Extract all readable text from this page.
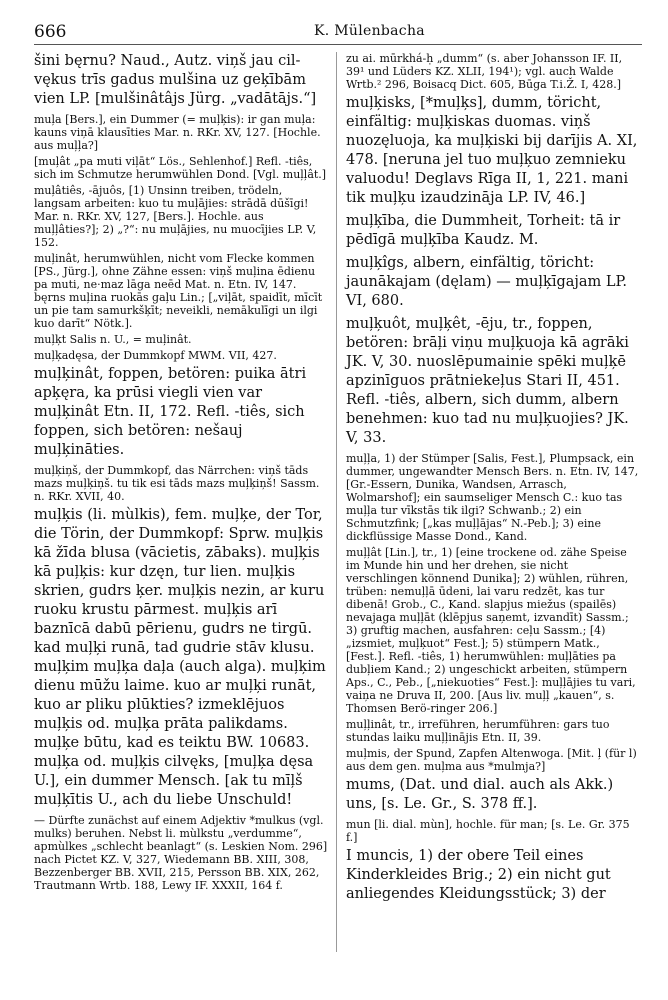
666	K. Mülenbacha

šini bęrnu? Naud., Autz. viņš jau cil-vękus trīs gadus mulšina uz geķībām vien LP. [mulšinâtâjs Jürg. „vadātājs.“]

muļa [Bers.], ein Dummer (= muļķis): ir gan muļa: kauns viņā klausīties Mar. n. RKr. XV, 127. [Hochle. aus muļļa?]

[muļât „pa muti viļāt“ Lös., Sehlenhof.] Refl. -tiês, sich im Schmutze herumwühlen Dond. [Vgl. muļļât.]

muļâtiês, -ājuôs, [1) Unsinn treiben, trödeln, langsam arbeiten: kuo tu muļājies: strādā dūšīgi! Mar. n. RKr. XV, 127, [Bers.]. Hochle. aus muļļâties?]; 2) „?“: nu muļājies, nu muocījies LP. V, 152.

muļinât, herumwühlen, nicht vom Flecke kommen [PS., Jürg.], ohne Zähne essen: viņš muļina ēdienu pa muti, ne·maz lāga neēd Mat. n. Etn. IV, 147. bęrns muļina ruokās gaļu Lin.; [„viļāt, spaidīt, mīcīt un pie tam samurkšķīt; neveikli, nemākulīgi un ilgi kuo darīt“ Nötk.].

muļķt Salis n. U., = muļinât.

muļķadęsa, der Dummkopf MWM. VII, 427.

muļķinât, foppen, betören: puika ātri apķęra, ka prūsi viegli vien var muļķinât Etn. II, 172. Refl. -tiês, sich foppen, sich betören: nešauj muļķināties.

muļķiņš, der Dummkopf, das Närrchen: viņš tāds mazs muļķiņš. tu tik esi tāds mazs muļķiņš! Sassm. n. RKr. XVII, 40.

muļķis (li. mùlkis), fem. muļķe, der Tor, die Törin, der Dummkopf: Sprw. muļķis kā žīda blusa (vācietis, zābaks). muļķis kā puļķis: kur dzęn, tur lien. muļķis skrien, gudrs ķer. muļķis nezin, ar kuru ruoku krustu pārmest. muļķis arī baznīcā dabū pērienu, gudrs ne tirgū. kad muļķi runā, tad gudrie stāv klusu. muļķim muļķa daļa (auch alga). muļķim dienu mūžu laime. kuo ar muļķi runāt, kuo ar pliku plūkties? izmeklējuos muļķis od. muļķa prāta palikdams. muļķe būtu, kad es teiktu BW. 10683. muļķa od. muļķis cilvęks, [muļķa dęsa U.], ein dummer Mensch. [ak tu mīļš muļķītis U., ach du liebe Unschuld!

— Dürfte zunächst auf einem Adjektiv *mulkus (vgl. mulks) beruhen. Nebst li. mùlkstu „verdumme“, apmùlkes „schlecht beanlagt“ (s. Leskien Nom. 296] nach Pictet KZ. V, 327, Wiedemann BB. XIII, 308, Bezzenberger BB. XVII, 215, Persson BB. XIX, 262, Trautmann Wrtb. 188, Lewy IF. XXXII, 164 f.

zu ai. mūrkhá-ḥ „dumm“ (s. aber Johansson IF. II, 39¹ und Lüders KZ. XLII, 194¹); vgl. auch Walde Wrtb.² 296, Boisacq Dict. 605, Būga T.i.Ž. I, 428.]

muļķisks, [*muļķs], dumm, töricht, einfältig: muļķiskas duomas. viņš nuozęluoja, ka muļķiski bij darījis A. XI, 478. [neruna jel tuo muļķuo zemnieku valuodu! Deglavs Rīga II, 1, 221. mani tik muļķu izaudzināja LP. IV, 46.]

muļķība, die Dummheit, Torheit: tā ir pēdīgā muļķība Kaudz. M.

muļķîgs, albern, einfältig, töricht: jaunākajam (dęlam) — muļķīgajam LP. VI, 680.

muļķuôt, muļķêt, -ēju, tr., foppen, betören: brāļi viņu muļķuoja kā agrāki JK. V, 30. nuoslēpumainie spēki muļķē apzinīguos prātniekeļus Stari II, 451. Refl. -tiês, albern, sich dumm, albern benehmen: kuo tad nu muļķuojies? JK. V, 33.

muļļa, 1) der Stümper [Salis, Fest.], Plumpsack, ein dummer, ungewandter Mensch Bers. n. Etn. IV, 147, [Gr.-Essern, Dunika, Wandsen, Arrasch, Wolmarshof]; ein saumseliger Mensch C.: kuo tas muļļa tur vīkstās tik ilgi? Schwanb.; 2) ein Schmutzfink; [„kas muļļājas“ N.-Peb.]; 3) eine dickflüssige Masse Dond., Kand.

muļļât [Lin.], tr., 1) [eine trockene od. zähe Speise im Munde hin und her drehen, sie nicht verschlingen könnend Dunika]; 2) wühlen, rühren, trüben: nemuļļā ūdeni, lai varu redzēt, kas tur dibenā! Grob., C., Kand. slapjus miežus (spailēs) nevajaga muļļāt (klēpjus saņemt, izvandīt) Sassm.; 3) gruftig machen, ausfahren: ceļu Sassm.; [4) „izsmiet, muļķuot“ Fest.]; 5) stümpern Matk., [Fest.]. Refl. -tiês, 1) herumwühlen: muļļāties pa dubļiem Kand.; 2) ungeschickt arbeiten, stümpern Aps., C., Peb., [„niekuoties“ Fest.]: muļļājies tu vari, vaiņa ne Druva II, 200. [Aus liv. muļļ „kauen“, s. Thomsen Berö-ringer 206.]

muļļinât, tr., irreführen, herumführen: gars tuo stundas laiku muļļinājis Etn. II, 39.

muļmis, der Spund, Zapfen Altenwoga. [Mit. ļ (für l) aus dem gen. muļma aus *mulmja?]

mums, (Dat. und dial. auch als Akk.) uns, [s. Le. Gr., S. 378 ff.].

mun [li. dial. mùn], hochle. für man; [s. Le. Gr. 375 f.]

I muncis, 1) der obere Teil eines Kinderkleides Brig.; 2) ein nicht gut anliegendes Kleidungsstück; 3) der
